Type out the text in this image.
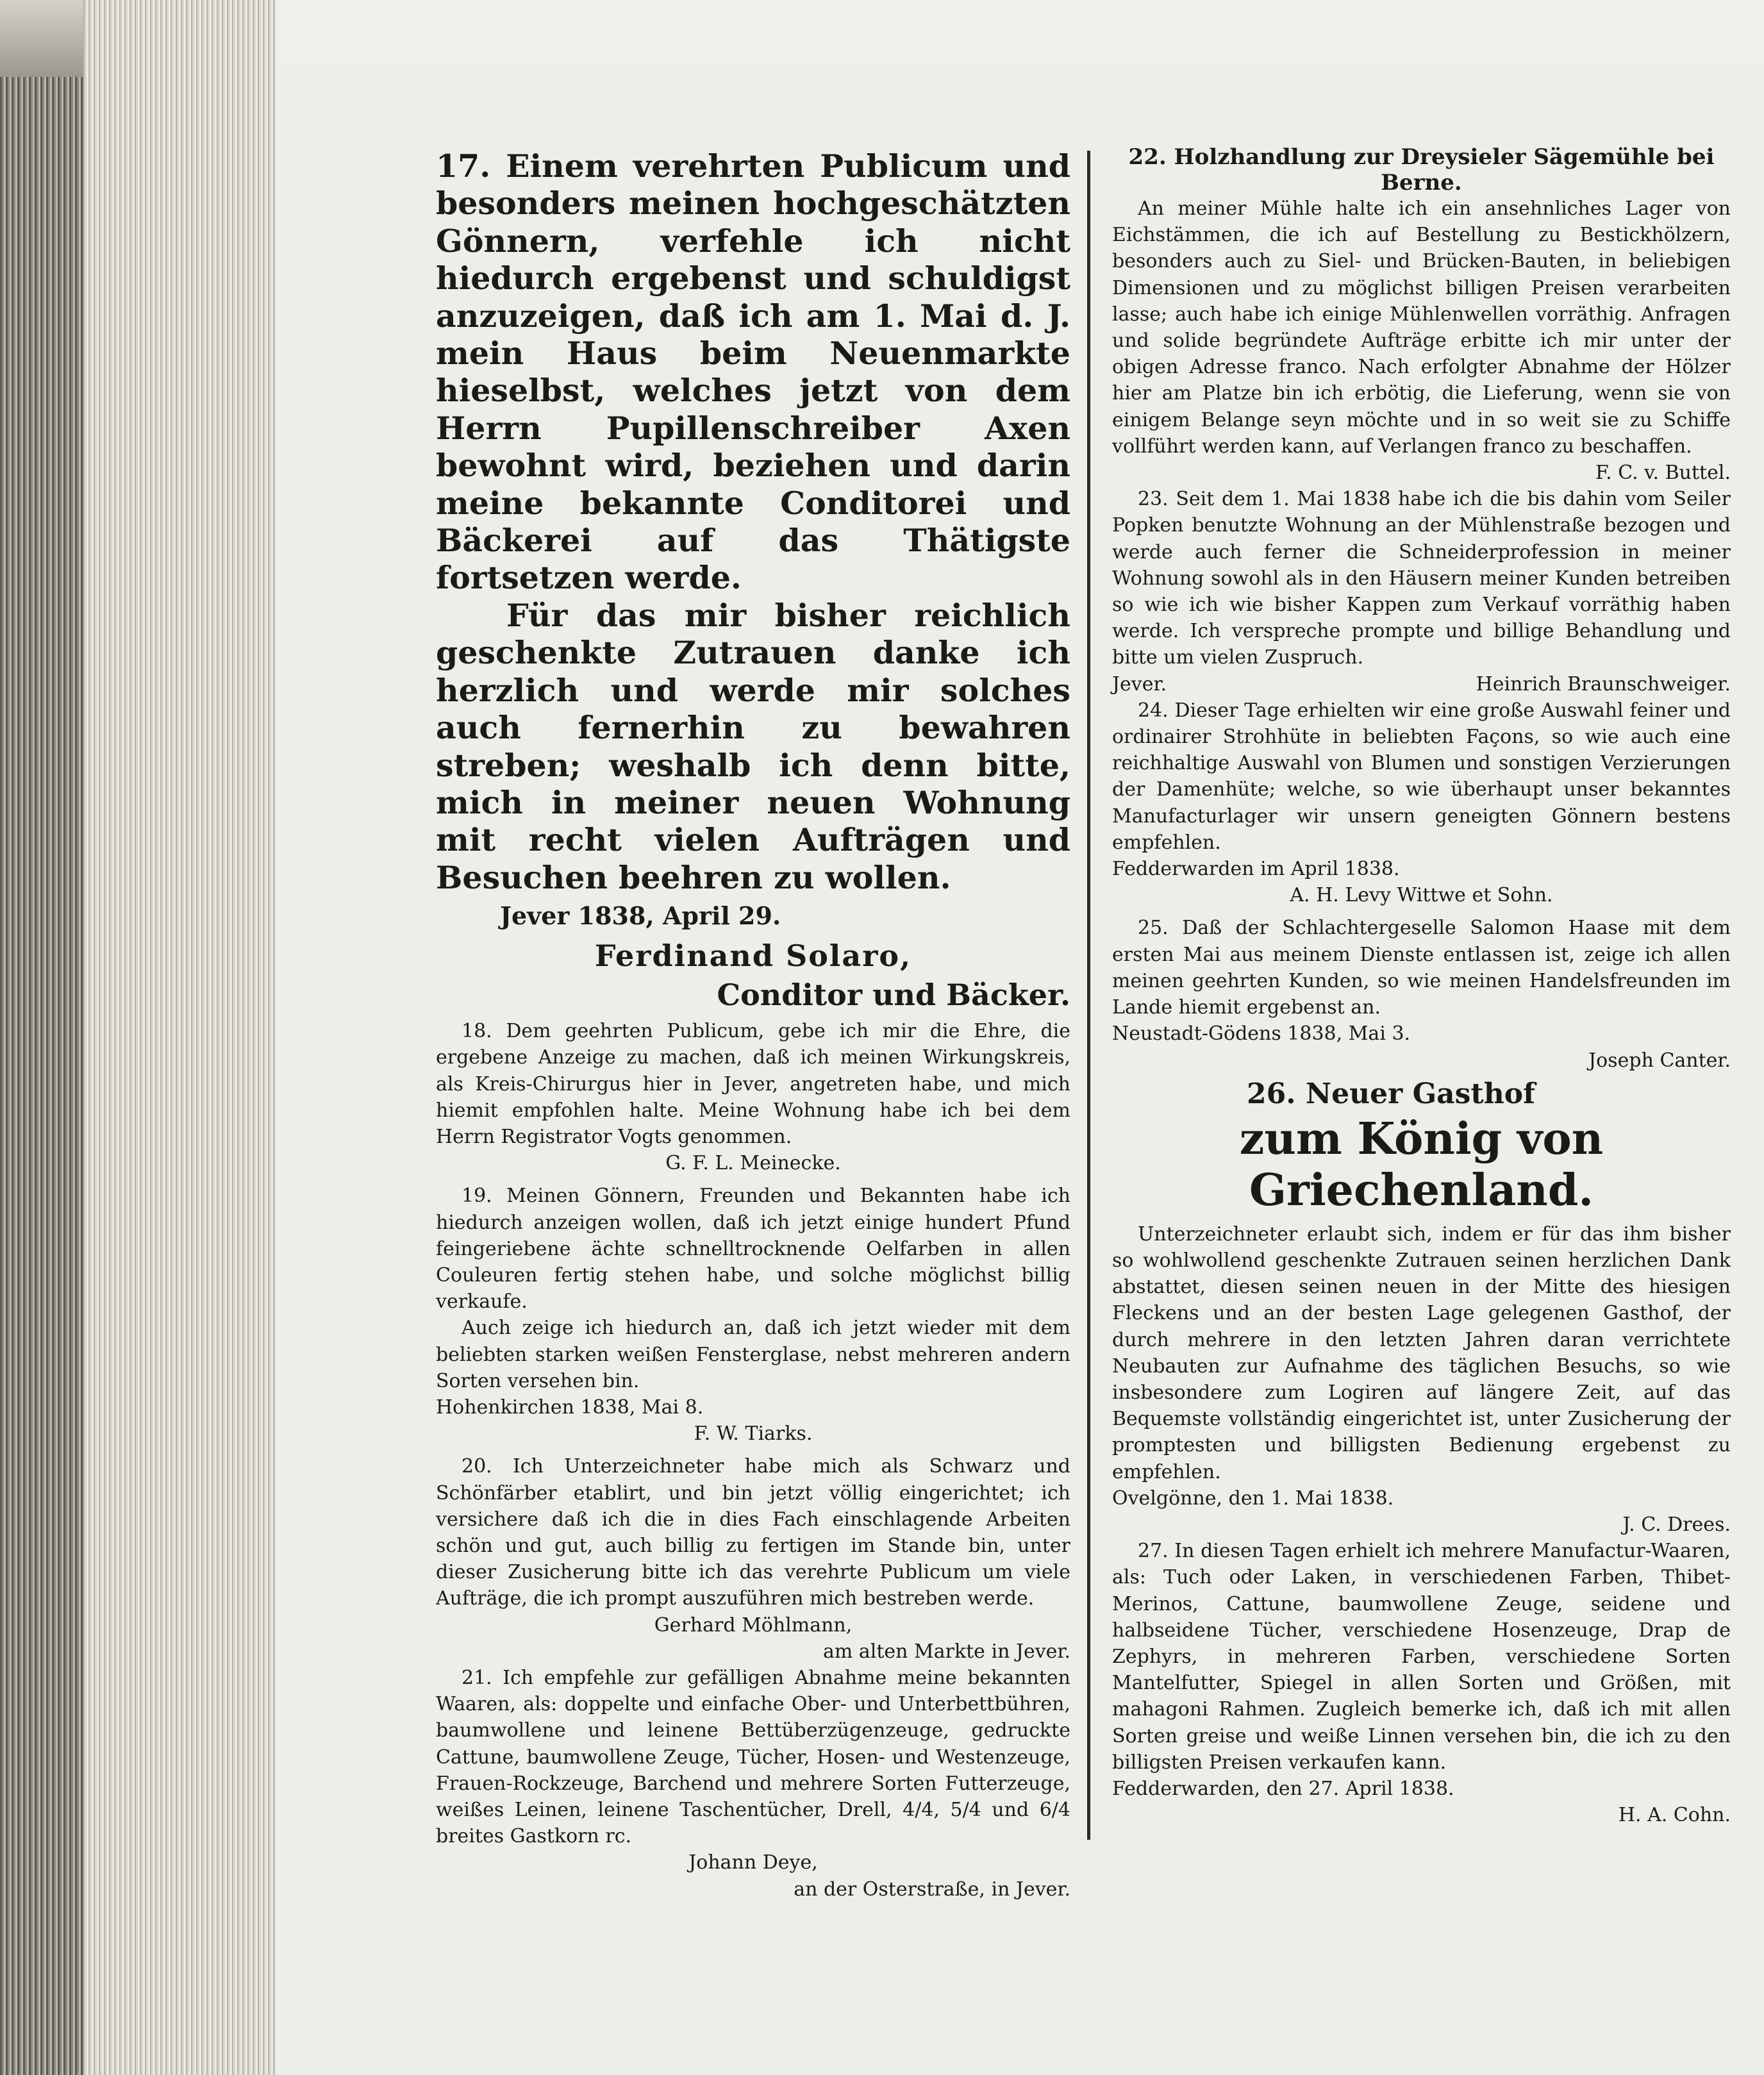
17. Einem verehrten Publicum und besonders meinen hochgeschätzten Gönnern, verfehle ich nicht hiedurch ergebenst und schuldigst anzuzeigen, daß ich am 1. Mai d. J. mein Haus beim Neuenmarkte hieselbst, welches jetzt von dem Herrn Pupillenschreiber Axen bewohnt wird, beziehen und darin meine bekannte Conditorei und Bäckerei auf das Thätigste fortsetzen werde.

Für das mir bisher reichlich geschenkte Zutrauen danke ich herzlich und werde mir solches auch fernerhin zu bewahren streben; weshalb ich denn bitte, mich in meiner neuen Wohnung mit recht vielen Aufträgen und Besuchen beehren zu wollen.

Jever 1838, April 29.

Ferdinand Solaro,

Conditor und Bäcker.

18. Dem geehrten Publicum, gebe ich mir die Ehre, die ergebene Anzeige zu machen, daß ich meinen Wirkungskreis, als Kreis-Chirurgus hier in Jever, angetreten habe, und mich hiemit empfohlen halte. Meine Wohnung habe ich bei dem Herrn Registrator Vogts genommen.

G. F. L. Meinecke.

19. Meinen Gönnern, Freunden und Bekannten habe ich hiedurch anzeigen wollen, daß ich jetzt einige hundert Pfund feingeriebene ächte schnelltrocknende Oelfarben in allen Couleuren fertig stehen habe, und solche möglichst billig verkaufe.

Auch zeige ich hiedurch an, daß ich jetzt wieder mit dem beliebten starken weißen Fensterglase, nebst mehreren andern Sorten versehen bin.

Hohenkirchen 1838, Mai 8.

F. W. Tiarks.

20. Ich Unterzeichneter habe mich als Schwarz und Schönfärber etablirt, und bin jetzt völlig eingerichtet; ich versichere daß ich die in dies Fach einschlagende Arbeiten schön und gut, auch billig zu fertigen im Stande bin, unter dieser Zusicherung bitte ich das verehrte Publicum um viele Aufträge, die ich prompt auszuführen mich bestreben werde.

Gerhard Möhlmann,

am alten Markte in Jever.

21. Ich empfehle zur gefälligen Abnahme meine bekannten Waaren, als: doppelte und einfache Ober- und Unterbettbühren, baumwollene und leinene Bettüberzügenzeuge, gedruckte Cattune, baumwollene Zeuge, Tücher, Hosen- und Westenzeuge, Frauen-Rockzeuge, Barchend und mehrere Sorten Futterzeuge, weißes Leinen, leinene Taschentücher, Drell, 4/4, 5/4 und 6/4 breites Gastkorn rc.

Johann Deye,

an der Osterstraße, in Jever.

22. Holzhandlung zur Dreysieler Sägemühle bei Berne.

An meiner Mühle halte ich ein ansehnliches Lager von Eichstämmen, die ich auf Bestellung zu Bestickhölzern, besonders auch zu Siel- und Brücken-Bauten, in beliebigen Dimensionen und zu möglichst billigen Preisen verarbeiten lasse; auch habe ich einige Mühlenwellen vorräthig. Anfragen und solide begründete Aufträge erbitte ich mir unter der obigen Adresse franco. Nach erfolgter Abnahme der Hölzer hier am Platze bin ich erbötig, die Lieferung, wenn sie von einigem Belange seyn möchte und in so weit sie zu Schiffe vollführt werden kann, auf Verlangen franco zu beschaffen.

F. C. v. Buttel.

23. Seit dem 1. Mai 1838 habe ich die bis dahin vom Seiler Popken benutzte Wohnung an der Mühlenstraße bezogen und werde auch ferner die Schneiderprofession in meiner Wohnung sowohl als in den Häusern meiner Kunden betreiben so wie ich wie bisher Kappen zum Verkauf vorräthig haben werde. Ich verspreche prompte und billige Behandlung und bitte um vielen Zuspruch.

Jever.	Heinrich Braunschweiger.

24. Dieser Tage erhielten wir eine große Auswahl feiner und ordinairer Strohhüte in beliebten Façons, so wie auch eine reichhaltige Auswahl von Blumen und sonstigen Verzierungen der Damenhüte; welche, so wie überhaupt unser bekanntes Manufacturlager wir unsern geneigten Gönnern bestens empfehlen.

Fedderwarden im April 1838.

A. H. Levy Wittwe et Sohn.

25. Daß der Schlachtergeselle Salomon Haase mit dem ersten Mai aus meinem Dienste entlassen ist, zeige ich allen meinen geehrten Kunden, so wie meinen Handelsfreunden im Lande hiemit ergebenst an.

Neustadt-Gödens 1838, Mai 3.

Joseph Canter.

26. Neuer Gasthof

zum König von Griechenland.

Unterzeichneter erlaubt sich, indem er für das ihm bisher so wohlwollend geschenkte Zutrauen seinen herzlichen Dank abstattet, diesen seinen neuen in der Mitte des hiesigen Fleckens und an der besten Lage gelegenen Gasthof, der durch mehrere in den letzten Jahren daran verrichtete Neubauten zur Aufnahme des täglichen Besuchs, so wie insbesondere zum Logiren auf längere Zeit, auf das Bequemste vollständig eingerichtet ist, unter Zusicherung der promptesten und billigsten Bedienung ergebenst zu empfehlen.

Ovelgönne, den 1. Mai 1838.

J. C. Drees.

27. In diesen Tagen erhielt ich mehrere Manufactur-Waaren, als: Tuch oder Laken, in verschiedenen Farben, Thibet-Merinos, Cattune, baumwollene Zeuge, seidene und halbseidene Tücher, verschiedene Hosenzeuge, Drap de Zephyrs, in mehreren Farben, verschiedene Sorten Mantelfutter, Spiegel in allen Sorten und Größen, mit mahagoni Rahmen. Zugleich bemerke ich, daß ich mit allen Sorten greise und weiße Linnen versehen bin, die ich zu den billigsten Preisen verkaufen kann.

Fedderwarden, den 27. April 1838.

H. A. Cohn.
